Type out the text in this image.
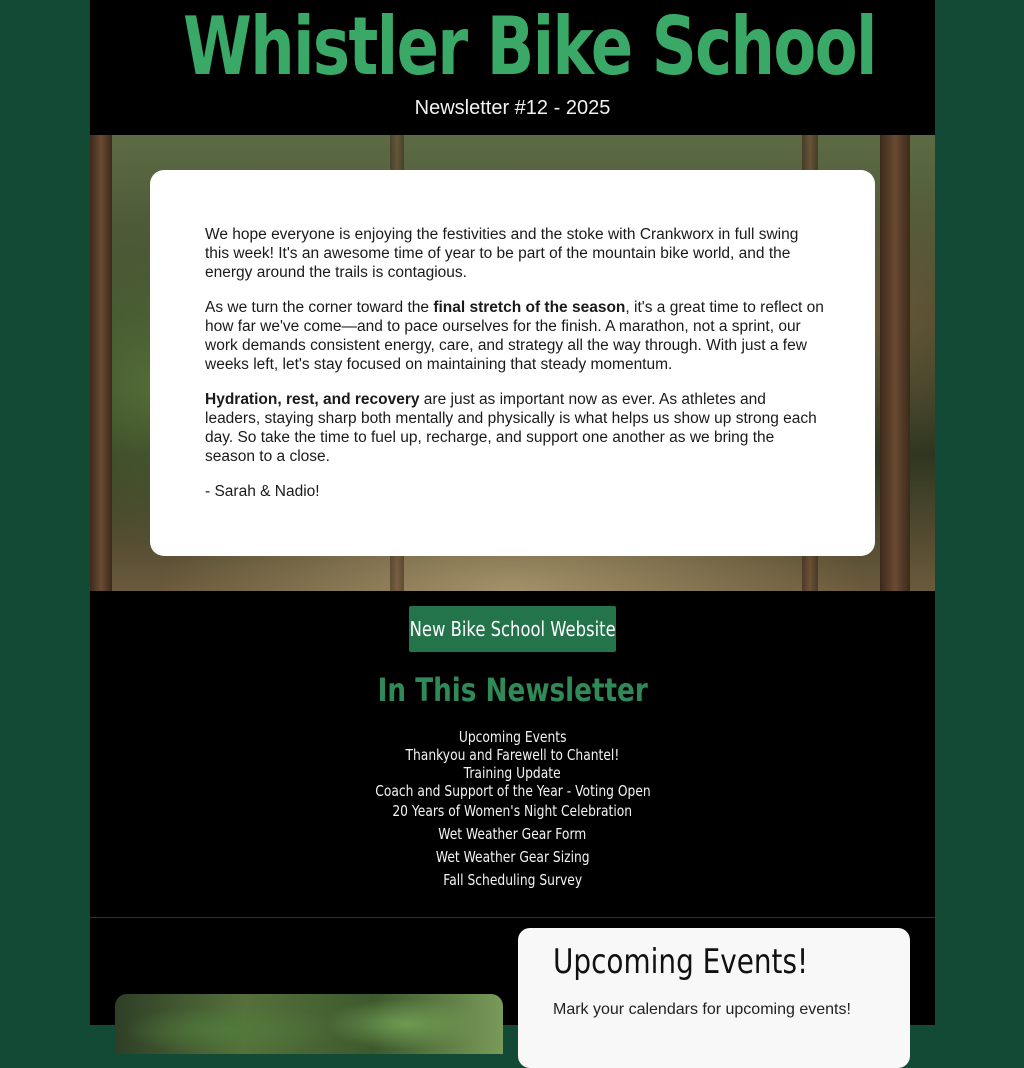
Whistler Bike School
Newsletter #12 - 2025

We hope everyone is enjoying the festivities and the stoke with Crankworx in full swing this week! It's an awesome time of year to be part of the mountain bike world, and the energy around the trails is contagious.

As we turn the corner toward the final stretch of the season, it's a great time to reflect on how far we've come—and to pace ourselves for the finish. A marathon, not a sprint, our work demands consistent energy, care, and strategy all the way through. With just a few weeks left, let's stay focused on maintaining that steady momentum.

Hydration, rest, and recovery are just as important now as ever. As athletes and leaders, staying sharp both mentally and physically is what helps us show up strong each day. So take the time to fuel up, recharge, and support one another as we bring the season to a close.

- Sarah & Nadio!

New Bike School Website
In This Newsletter
Upcoming Events
Thankyou and Farewell to Chantel!
Training Update
Coach and Support of the Year - Voting Open
20 Years of Women's Night Celebration
Wet Weather Gear Form
Wet Weather Gear Sizing
Fall Scheduling Survey
Upcoming Events!
Mark your calendars for upcoming events!
